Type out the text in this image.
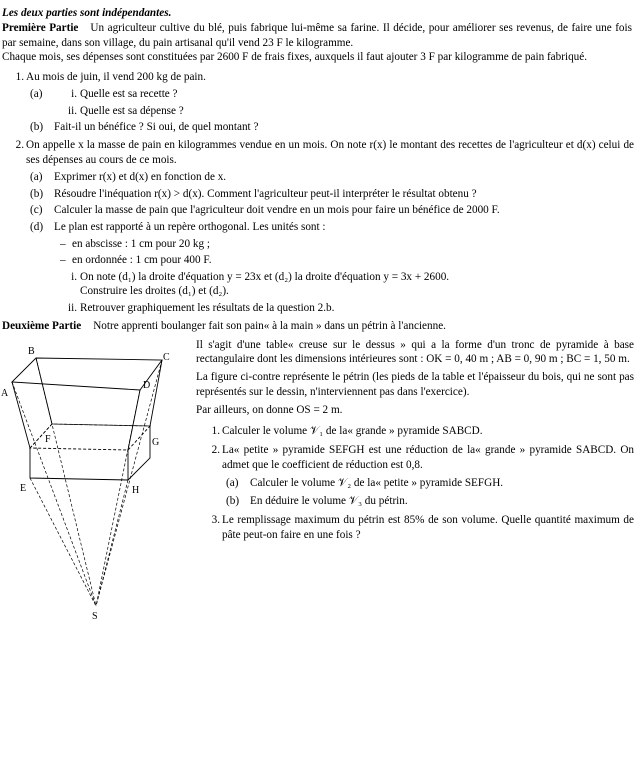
Les deux parties sont indépendantes.

Première Partie Un agriculteur cultive du blé, puis fabrique lui-même sa farine. Il décide, pour améliorer ses revenus, de faire une fois par semaine, dans son village, du pain artisanal qu'il vend 23 F le kilogramme.

Chaque mois, ses dépenses sont constituées par 2600 F de frais fixes, auxquels il faut ajouter 3 F par kilogramme de pain fabriqué.

Au mois de juin, il vend 200 kg de pain.
Quelle est sa recette ?
Quelle est sa dépense ?
Fait-il un bénéfice ? Si oui, de quel montant ?
On appelle x la masse de pain en kilogrammes vendue en un mois. On note r(x) le montant des recettes de l'agriculteur et d(x) celui de ses dépenses au cours de ce mois.
Exprimer r(x) et d(x) en fonction de x.
Résoudre l'inéquation r(x) > d(x). Comment l'agriculteur peut-il interpréter le résultat obtenu ?
Calculer la masse de pain que l'agriculteur doit vendre en un mois pour faire un bénéfice de 2000 F.
Le plan est rapporté à un repère orthogonal. Les unités sont :
– en abscisse : 1 cm pour 20 kg ;
– en ordonnée : 1 cm pour 400 F.
On note (d₁) la droite d'équation y = 23x et (d₂) la droite d'équation y = 3x + 2600.
Construire les droites (d₁) et (d₂).
Retrouver graphiquement les résultats de la question 2.b.

Deuxième Partie Notre apprenti boulanger fait son pain« à la main » dans un pétrin à l'ancienne.

A
B
C
D
E
F	G
H
S

Il s'agit d'une table« creuse sur le dessus » qui a la forme d'un tronc de pyramide à base rectangulaire dont les dimensions intérieures sont : OK = 0, 40 m ; AB = 0, 90 m ; BC = 1, 50 m.

La figure ci-contre représente le pétrin (les pieds de la table et l'épaisseur du bois, qui ne sont pas représentés sur le dessin, n'interviennent pas dans l'exercice).

Par ailleurs, on donne OS = 2 m.

Calculer le volume 𝒱₁ de la« grande » pyramide SABCD.
La« petite » pyramide SEFGH est une réduction de la« grande » pyramide SABCD. On admet que le coefficient de réduction est 0,8.
Calculer le volume 𝒱₂ de la« petite » pyramide SEFGH.
En déduire le volume 𝒱₃ du pétrin.
Le remplissage maximum du pétrin est 85% de son volume. Quelle quantité maximum de pâte peut-on faire en une fois ?
